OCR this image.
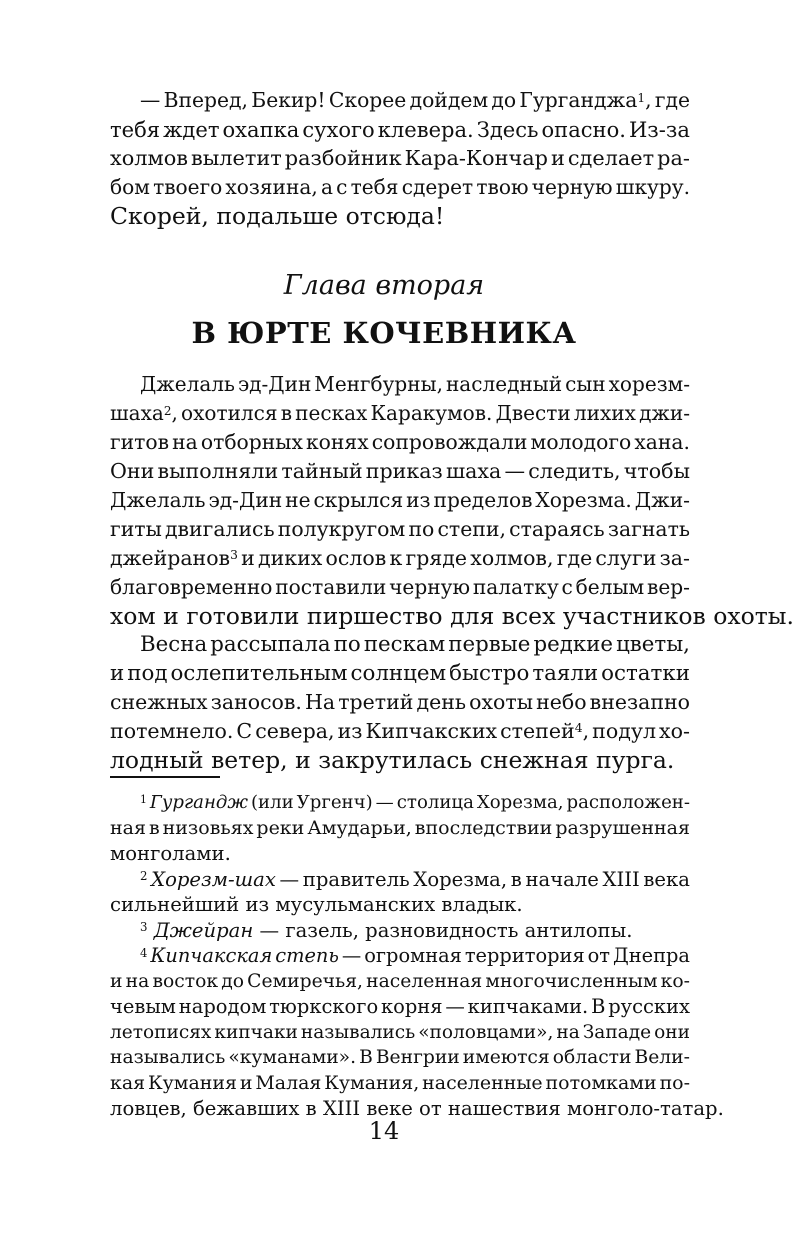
— Вперед, Бекир! Скорее дойдем до Гурганджа$^1$, где
тебя ждет охапка сухого клевера. Здесь опасно. Из-за
холмов вылетит разбойник Кара-Кончар и сделает ра-
бом твоего хозяина, а с тебя сдерет твою черную шкуру.
Скорей,
подальше
отсюда!
Глава вторая
В ЮРТЕ КОЧЕВНИКА
Джелаль эд-Дин Менгбурны, наследный сын хорезм-
шаха$^2$, охотился в песках Каракумов. Двести лихих джи-
гитов на отборных конях сопровождали молодого хана.
Они выполняли тайный приказ шаха — следить, чтобы
Джелаль эд-Дин не скрылся из пределов Хорезма. Джи-
гиты двигались полукругом по степи, стараясь загнать
джейранов$^3$ и диких ослов к гряде холмов, где слуги за-
благовременно поставили черную палатку с белым вер-
хом
и
готовили
пиршество
для
всех
участников
охоты.
Весна рассыпала по пескам первые редкие цветы,
и под ослепительным солнцем быстро таяли остатки
снежных заносов. На третий день охоты небо внезапно
потемнело. С севера, из Кипчакских степей$^4$, подул хо-
лодный
ветер,
и
закрутилась
снежная
пурга.
$^1$ Гургандж (или Ургенч) — столица Хорезма, расположен-
ная в низовьях реки Амударьи, впоследствии разрушенная
монголами.
$^2$ Хорезм-шах — правитель Хорезма, в начале XIII века
сильнейший
из
мусульманских
владык.
$^3$
Джейран
—
газель,
разновидность
антилопы.
$^4$ Кипчакская степь — огромная территория от Днепра
и на восток до Семиречья, населенная многочисленным ко-
чевым народом тюркского корня — кипчаками. В русских
летописях кипчаки назывались «половцами», на Западе они
назывались «куманами». В Венгрии имеются области Вели-
кая Кумания и Малая Кумания, населенные потомками по-
ловцев,
бежавших
в
XIII
веке
от
нашествия
монголо-татар.
14
